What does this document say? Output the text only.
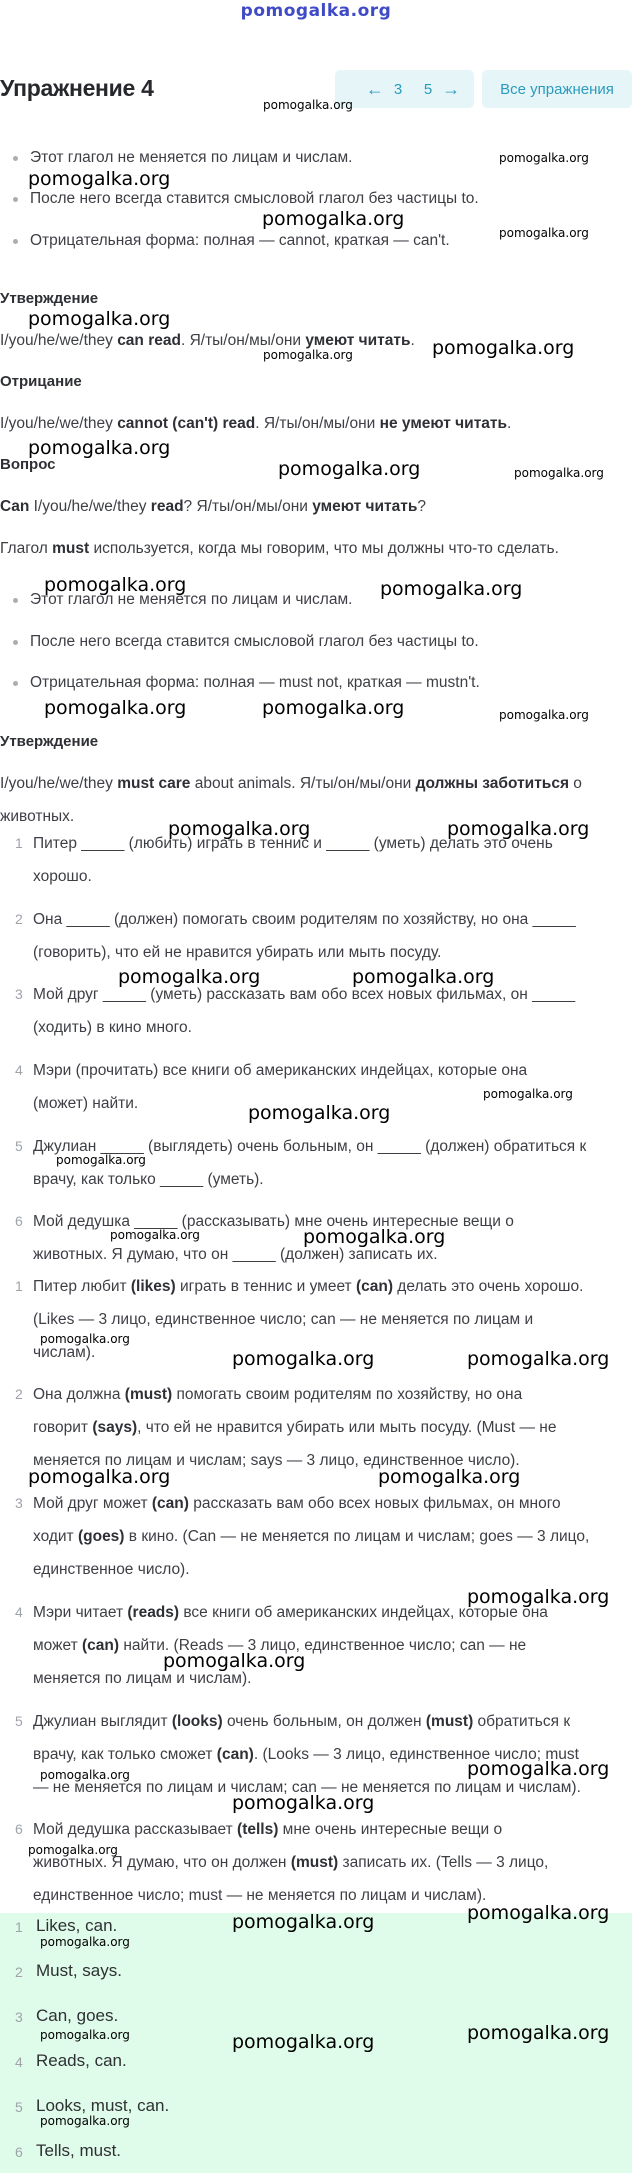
pomogalka.org
Упражнение 4	← 3 5 →	Все упражнения
Этот глагол не меняется по лицам и числам.
После него всегда ставится смысловой глагол без частицы to.
Отрицательная форма: полная — cannot, краткая — can't.
Утверждение
I/you/he/we/they can read. Я/ты/он/мы/они умеют читать.
Отрицание
I/you/he/we/they cannot (can't) read. Я/ты/он/мы/они не умеют читать.
Вопрос
Can I/you/he/we/they read? Я/ты/он/мы/они умеют читать?
Глагол must используется, когда мы говорим, что мы должны что-то сделать.
Этот глагол не меняется по лицам и числам.
После него всегда ставится смысловой глагол без частицы to.
Отрицательная форма: полная — must not, краткая — mustn't.
Утверждение
I/you/he/we/they must care about animals. Я/ты/он/мы/они должны заботиться о животных.
1 Питер _____ (любить) играть в теннис и _____ (уметь) делать это очень
хорошо.
2 Она _____ (должен) помогать своим родителям по хозяйству, но она _____
(говорить), что ей не нравится убирать или мыть посуду.
3 Мой друг _____ (уметь) рассказать вам обо всех новых фильмах, он _____
(ходить) в кино много.
4 Мэри (прочитать) все книги об американских индейцах, которые она
(может) найти.
5 Джулиан _____ (выглядеть) очень больным, он _____ (должен) обратиться к
врачу, как только _____ (уметь).
6 Мой дедушка _____ (рассказывать) мне очень интересные вещи о
животных. Я думаю, что он _____ (должен) записать их.
1 Питер любит (likes) играть в теннис и умеет (can) делать это очень хорошо.
(Likes — 3 лицо, единственное число; can — не меняется по лицам и
числам).
2 Она должна (must) помогать своим родителям по хозяйству, но она
говорит (says), что ей не нравится убирать или мыть посуду. (Must — не
меняется по лицам и числам; says — 3 лицо, единственное число).
3 Мой друг может (can) рассказать вам обо всех новых фильмах, он много
ходит (goes) в кино. (Can — не меняется по лицам и числам; goes — 3 лицо,
единственное число).
4 Мэри читает (reads) все книги об американских индейцах, которые она
может (can) найти. (Reads — 3 лицо, единственное число; can — не
меняется по лицам и числам).
5 Джулиан выглядит (looks) очень больным, он должен (must) обратиться к
врачу, как только сможет (can). (Looks — 3 лицо, единственное число; must
— не меняется по лицам и числам; can — не меняется по лицам и числам).
6 Мой дедушка рассказывает (tells) мне очень интересные вещи о
животных. Я думаю, что он должен (must) записать их. (Tells — 3 лицо,
единственное число; must — не меняется по лицам и числам).
1 Likes, can.
2 Must, says.
3 Can, goes.
4 Reads, can.
5 Looks, must, can.
6 Tells, must.
pomogalka.org
pomogalka.org
pomogalka.org
pomogalka.org
pomogalka.org
pomogalka.org
pomogalka.org	pomogalka.org
pomogalka.org	pomogalka.org
pomogalka.org	pomogalka.org
pomogalka.org	pomogalka.org
pomogalka.org
pomogalka.org
pomogalka.org	pomogalka.org
pomogalka.org	pomogalka.org
pomogalka.org
pomogalka.org
pomogalka.org
pomogalka.org
pomogalka.org	pomogalka.org
pomogalka.org	pomogalka.org
pomogalka.org
pomogalka.org
pomogalka.org
pomogalka.org
pomogalka.org
pomogalka.org
pomogalka.org
pomogalka.org
pomogalka.org
pomogalka.org
pomogalka.org
pomogalka.org
pomogalka.org
pomogalka.org
pomogalka.org
